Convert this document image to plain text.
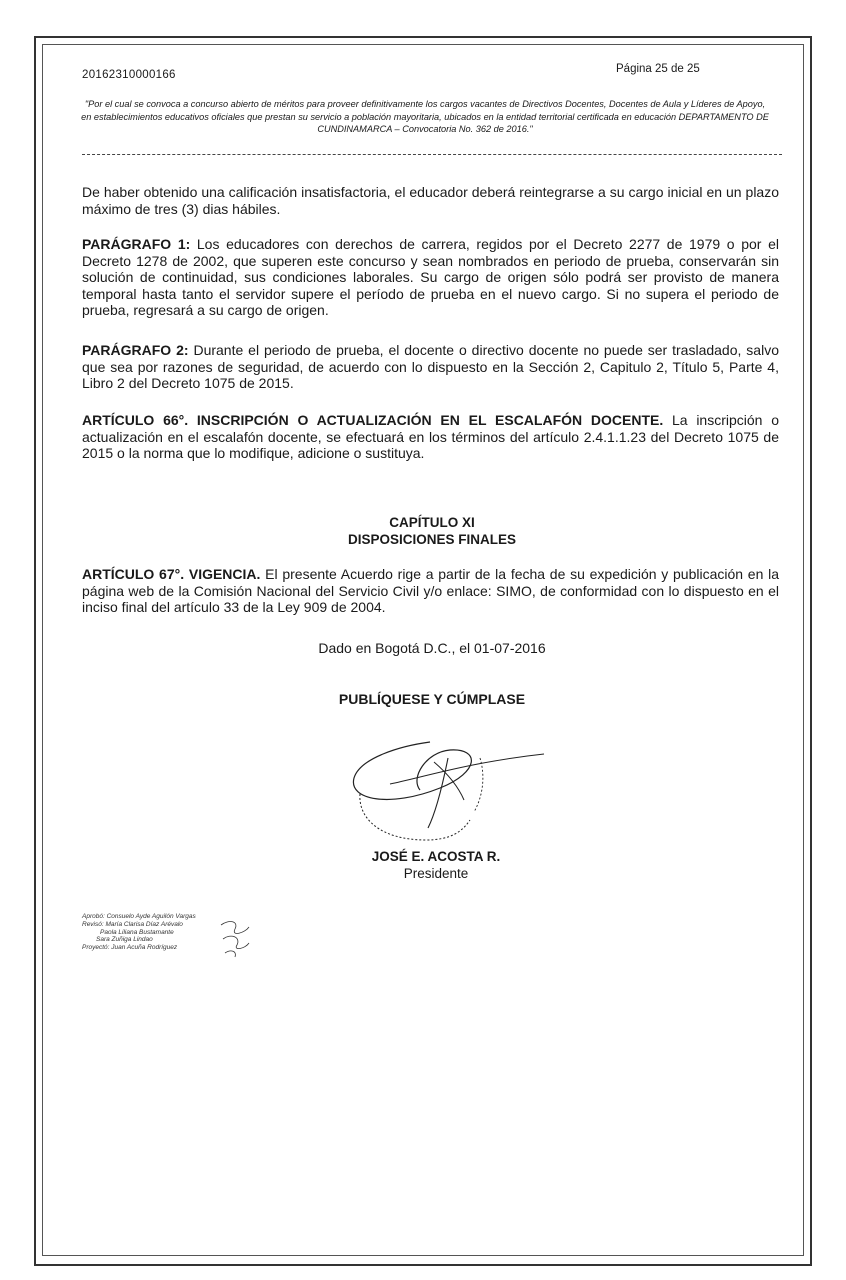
20162310000166	Página 25 de 25
"Por el cual se convoca a concurso abierto de méritos para proveer definitivamente los cargos vacantes de Directivos Docentes, Docentes de Aula y Líderes de Apoyo, en establecimientos educativos oficiales que prestan su servicio a población mayoritaria, ubicados en la entidad territorial certificada en educación DEPARTAMENTO DE CUNDINAMARCA – Convocatoria No. 362 de 2016."

De haber obtenido una calificación insatisfactoria, el educador deberá reintegrarse a su cargo inicial en un plazo máximo de tres (3) dias hábiles.

PARÁGRAFO 1: Los educadores con derechos de carrera, regidos por el Decreto 2277 de 1979 o por el Decreto 1278 de 2002, que superen este concurso y sean nombrados en periodo de prueba, conservarán sin solución de continuidad, sus condiciones laborales. Su cargo de origen sólo podrá ser provisto de manera temporal hasta tanto el servidor supere el período de prueba en el nuevo cargo. Si no supera el periodo de prueba, regresará a su cargo de origen.

PARÁGRAFO 2: Durante el periodo de prueba, el docente o directivo docente no puede ser trasladado, salvo que sea por razones de seguridad, de acuerdo con lo dispuesto en la Sección 2, Capitulo 2, Título 5, Parte 4, Libro 2 del Decreto 1075 de 2015.

ARTÍCULO 66°. INSCRIPCIÓN O ACTUALIZACIÓN EN EL ESCALAFÓN DOCENTE. La inscripción o actualización en el escalafón docente, se efectuará en los términos del artículo 2.4.1.1.23 del Decreto 1075 de 2015 o la norma que lo modifique, adicione o sustituya.

CAPÍTULO XI
DISPOSICIONES FINALES

ARTÍCULO 67°. VIGENCIA. El presente Acuerdo rige a partir de la fecha de su expedición y publicación en la página web de la Comisión Nacional del Servicio Civil y/o enlace: SIMO, de conformidad con lo dispuesto en el inciso final del artículo 33 de la Ley 909 de 2004.

Dado en Bogotá D.C., el 01-07-2016
PUBLÍQUESE Y CÚMPLASE
JOSÉ E. ACOSTA R.
Presidente
Aprobó: Consuelo Ayde Aguilón Vargas
Revisó: María Clarisa Díaz Arévalo
Paola Liliana Bustamante
Sara Zuñiga Lindao
Proyectó: Juan Acuña Rodríguez
